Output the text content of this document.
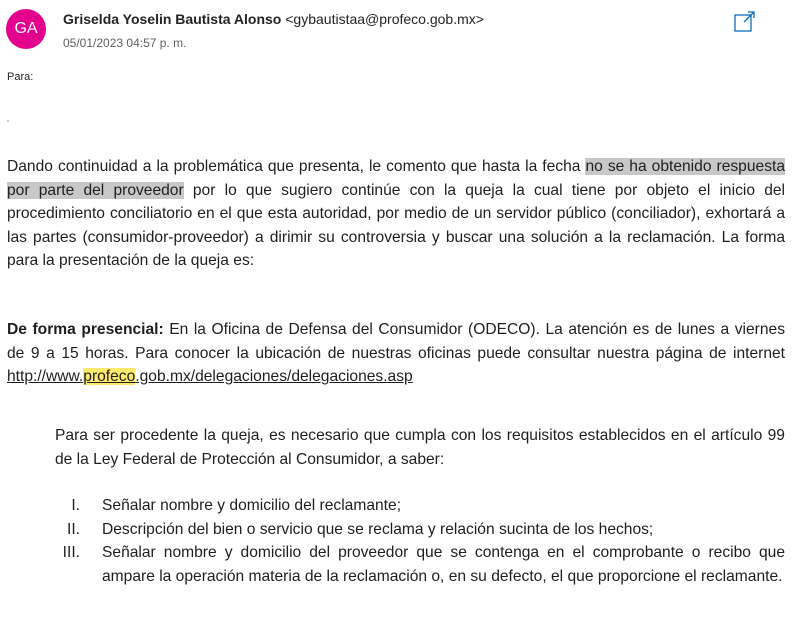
GA
Griselda Yoselin Bautista Alonso <gybautistaa@profeco.gob.mx>
05/01/2023 04:57 p. m.
Para:
Dando continuidad a la problemática que presenta, le comento que hasta la fecha no se ha obtenido respuesta por parte del proveedor por lo que sugiero continúe con la queja la cual tiene por objeto el inicio del procedimiento conciliatorio en el que esta autoridad, por medio de un servidor público (conciliador), exhortará a las partes (consumidor-proveedor) a dirimir su controversia y buscar una solución a la reclamación. La forma para la presentación de la queja es:
De forma presencial: En la Oficina de Defensa del Consumidor (ODECO). La atención es de lunes a viernes de 9 a 15 horas. Para conocer la ubicación de nuestras oficinas puede consultar nuestra página de internet http://www.profeco.gob.mx/delegaciones/delegaciones.asp
Para ser procedente la queja, es necesario que cumpla con los requisitos establecidos en el artículo 99 de la Ley Federal de Protección al Consumidor, a saber:
I. Señalar nombre y domicilio del reclamante;
II. Descripción del bien o servicio que se reclama y relación sucinta de los hechos;
III. Señalar nombre y domicilio del proveedor que se contenga en el comprobante o recibo que ampare la operación materia de la reclamación o, en su defecto, el que proporcione el reclamante.
